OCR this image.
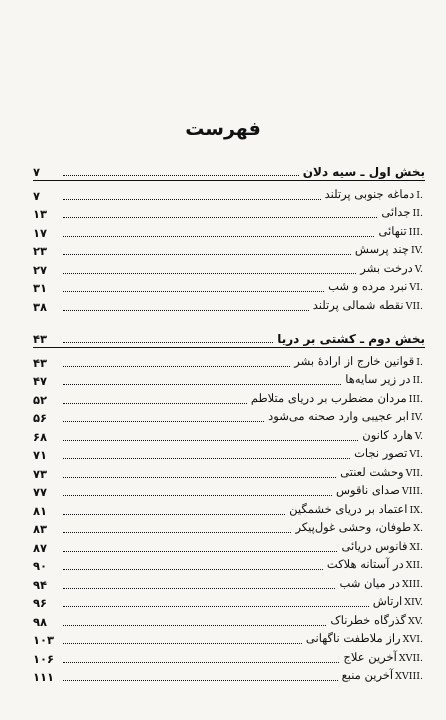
فهرست
بخش اول ـ سیه دلان
۷
I.دماغه جنوبی پرتلند
۷
II.جدائی
۱۳
III.تنهائی
۱۷
IV.چند پرسش
۲۳
V.درخت بشر
۲۷
VI.نبرد مرده و شب
۳۱
VII.نقطه شمالی پرتلند
۳۸
بخش دوم ـ کشتی بر دریا
۴۳
I.قوانین خارج از ارادهٔ بشر
۴۳
II.در زیر سایه‌ها
۴۷
III.مردان مضطرب بر دریای متلاطم
۵۲
IV.ابر عجیبی وارد صحنه می‌شود
۵۶
V.هارد کانون
۶۸
VI.تصور نجات
۷۱
VII.وحشت لعنتی
۷۳
VIII.صدای ناقوس
۷۷
IX.اعتماد بر دریای خشمگین
۸۱
X.طوفان، وحشی غول‌پیکر
۸۳
XI.فانوس دریائی
۸۷
XII.در آستانه هلاکت
۹۰
XIII.در میان شب
۹۴
XIV.ارتاش
۹۶
XV.گذرگاه خطرناک
۹۸
XVI.راز ملاطفت ناگهانی
۱۰۳
XVII.آخرین علاج
۱۰۶
XVIII.آخرین منبع
۱۱۱
